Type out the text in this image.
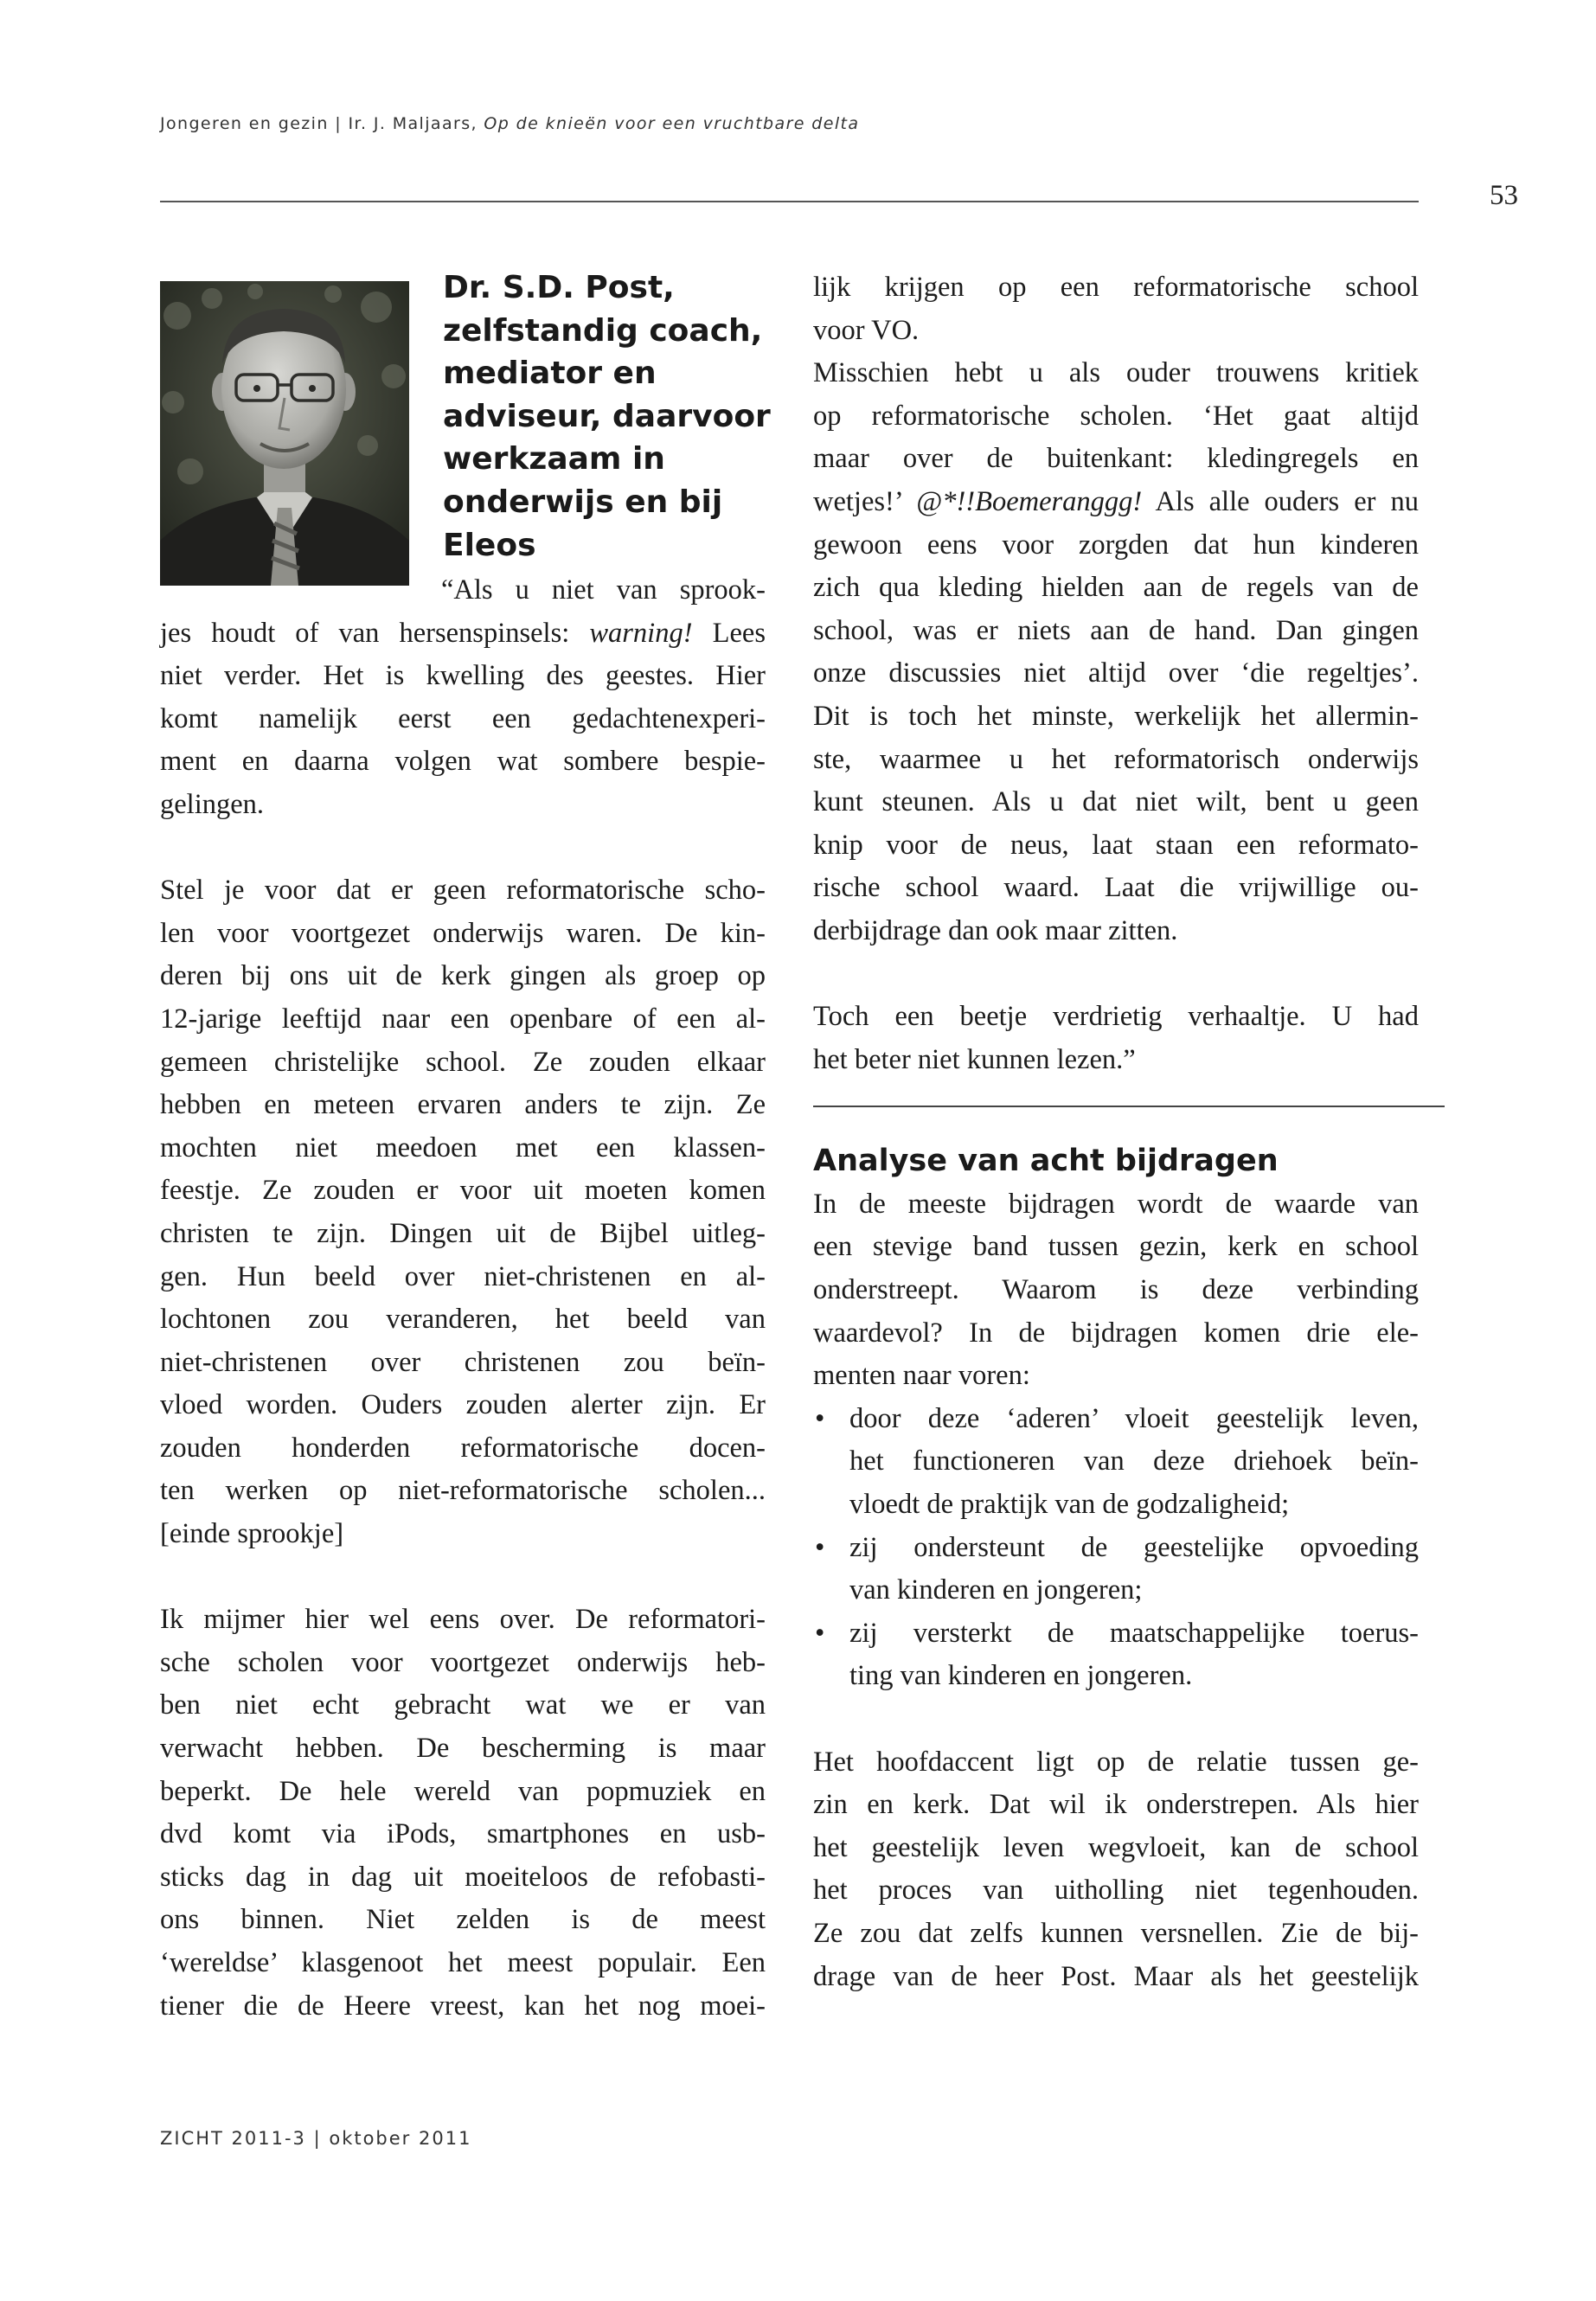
Jongeren en gezin | Ir. J. Maljaars, Op de knieën voor een vruchtbare delta
53
Dr. S.D. Post,
zelfstandig coach,
mediator en
adviseur, daarvoor
werkzaam in
onderwijs en bij
Eleos

“Als u niet van sprook-
jes houdt of van hersenspinsels: warning! Lees
niet verder. Het is kwelling des geestes. Hier
komt namelijk eerst een gedachtenexperi-
ment en daarna volgen wat sombere bespie-
gelingen.

Stel je voor dat er geen reformatorische scho-
len voor voortgezet onderwijs waren. De kin-
deren bij ons uit de kerk gingen als groep op
12-jarige leeftijd naar een openbare of een al-
gemeen christelijke school. Ze zouden elkaar
hebben en meteen ervaren anders te zijn. Ze
mochten niet meedoen met een klassen-
feestje. Ze zouden er voor uit moeten komen
christen te zijn. Dingen uit de Bijbel uitleg-
gen. Hun beeld over niet-christenen en al-
lochtonen zou veranderen, het beeld van
niet-christenen over christenen zou beïn-
vloed worden. Ouders zouden alerter zijn. Er
zouden honderden reformatorische docen-
ten werken op niet-reformatorische scholen...
[einde sprookje]

Ik mijmer hier wel eens over. De reformatori-
sche scholen voor voortgezet onderwijs heb-
ben niet echt gebracht wat we er van
verwacht hebben. De bescherming is maar
beperkt. De hele wereld van popmuziek en
dvd komt via iPods, smartphones en usb-
sticks dag in dag uit moeiteloos de refobasti-
ons binnen. Niet zelden is de meest
‘wereldse’ klasgenoot het meest populair. Een
tiener die de Heere vreest, kan het nog moei-

lijk krijgen op een reformatorische school
voor VO.

Misschien hebt u als ouder trouwens kritiek
op reformatorische scholen. ‘Het gaat altijd
maar over de buitenkant: kledingregels en
wetjes!’ @*!!Boemeranggg! Als alle ouders er nu
gewoon eens voor zorgden dat hun kinderen
zich qua kleding hielden aan de regels van de
school, was er niets aan de hand. Dan gingen
onze discussies niet altijd over ‘die regeltjes’.
Dit is toch het minste, werkelijk het allermin-
ste, waarmee u het reformatorisch onderwijs
kunt steunen. Als u dat niet wilt, bent u geen
knip voor de neus, laat staan een reformato-
rische school waard. Laat die vrijwillige ou-
derbijdrage dan ook maar zitten.

Toch een beetje verdrietig verhaaltje. U had
het beter niet kunnen lezen.”

Analyse van acht bijdragen

In de meeste bijdragen wordt de waarde van
een stevige band tussen gezin, kerk en school
onderstreept. Waarom is deze verbinding
waardevol? In de bijdragen komen drie ele-
menten naar voren:

• door deze ‘aderen’ vloeit geestelijk leven,
het functioneren van deze driehoek beïn-
vloedt de praktijk van de godzaligheid;
• zij ondersteunt de geestelijke opvoeding
van kinderen en jongeren;
• zij versterkt de maatschappelijke toerus-
ting van kinderen en jongeren.

Het hoofdaccent ligt op de relatie tussen ge-
zin en kerk. Dat wil ik onderstrepen. Als hier
het geestelijk leven wegvloeit, kan de school
het proces van uitholling niet tegenhouden.
Ze zou dat zelfs kunnen versnellen. Zie de bij-
drage van de heer Post. Maar als het geestelijk

ZICHT 2011-3 | oktober 2011
